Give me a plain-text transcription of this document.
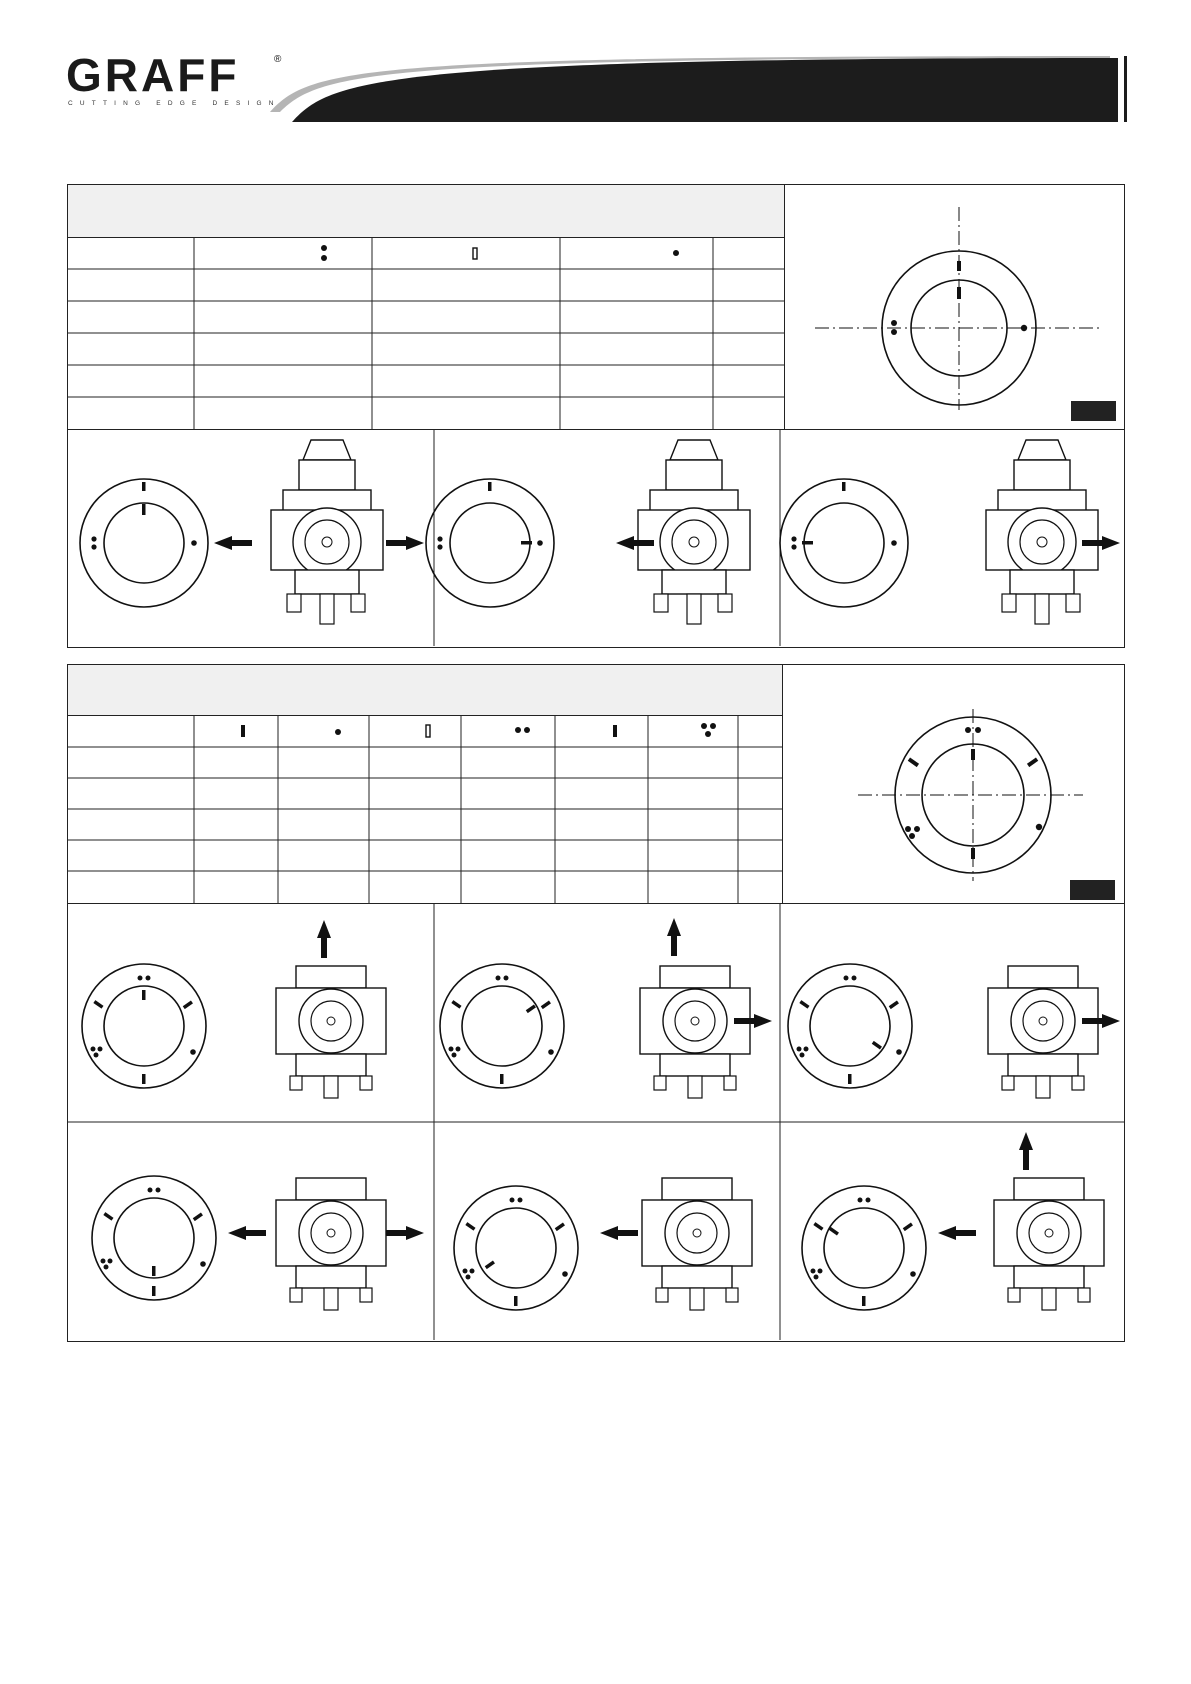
GRAFF	®
CUTTING EDGE DESIGN
